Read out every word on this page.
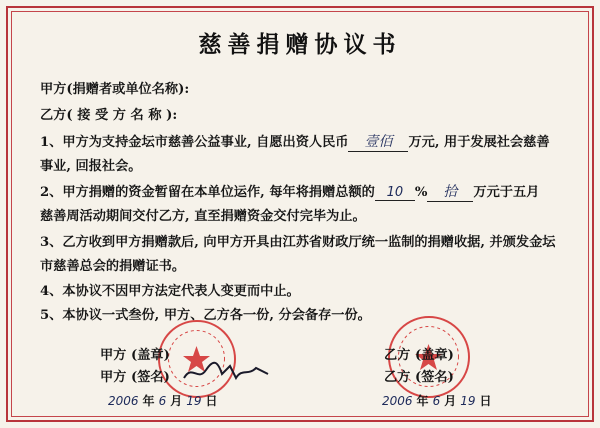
慈善捐赠协议书
甲方(捐赠者或单位名称):
乙方( 接 受 方 名 称 ):
1、甲方为支持金坛市慈善公益事业, 自愿出资人民币 壹佰 万元, 用于发展社会慈善
事业, 回报社会。
2、甲方捐赠的资金暂留在本单位运作, 每年将捐赠总额的 10 % 拾 万元于五月
慈善周活动期间交付乙方, 直至捐赠资金交付完毕为止。
3、乙方收到甲方捐赠款后, 向甲方开具由江苏省财政厅统一监制的捐赠收据, 并颁发金坛
市慈善总会的捐赠证书。
4、本协议不因甲方法定代表人变更而中止。
5、本协议一式叁份, 甲方、乙方各一份, 分会备存一份。
甲方 (盖章)
甲方 (签名)
2006 年 6 月 19 日
乙方 (盖章)
乙方 (签名)
2006 年 6 月 19 日
